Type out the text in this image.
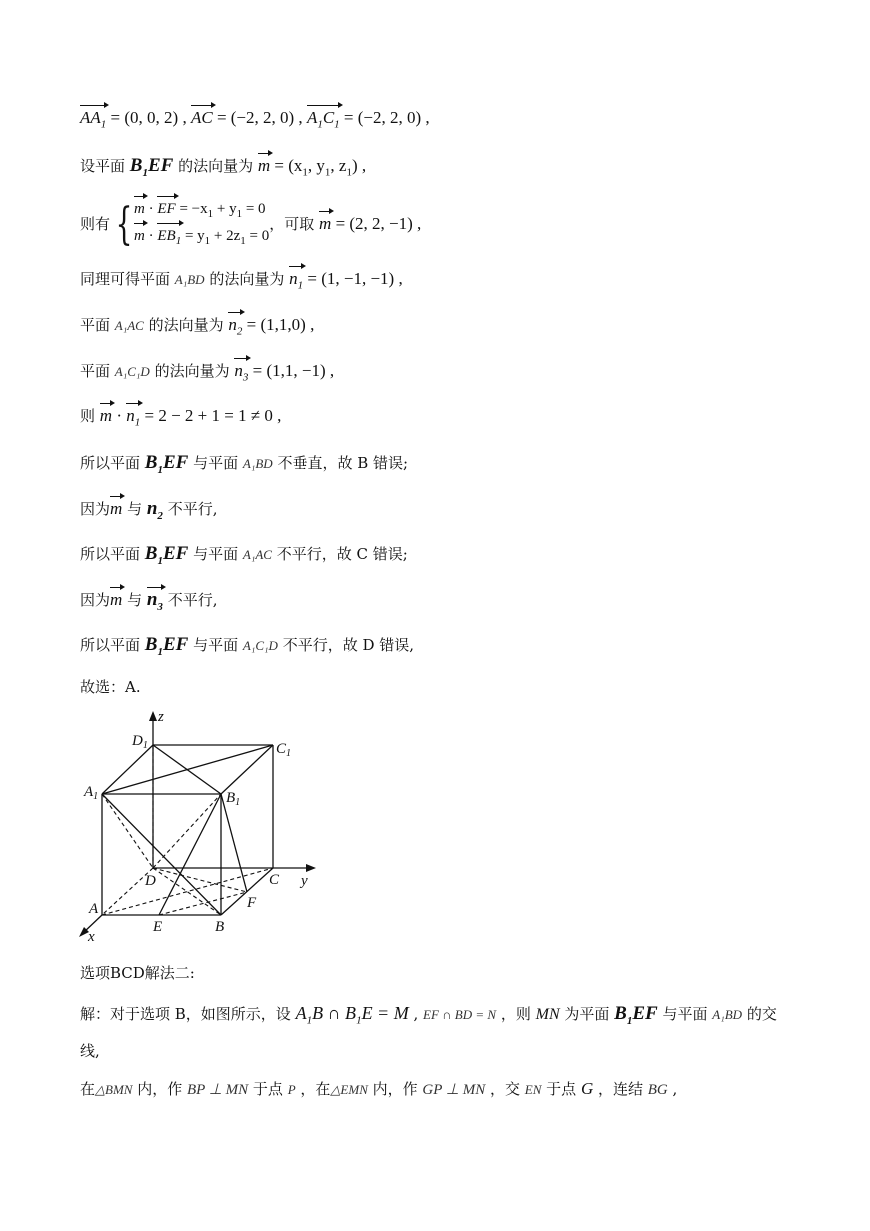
$AA_1 = (0$, 0, 2) , AC = (−2, 2, 0) , $A_1C_1 = (-2$, 2, 0) ,
设平面 $B_1EF$ 的法向量为 $m = (x_1$, $y_1$, $z_1$) ,
则有 { m · EF = $-x_1 + y_1 = 0$
$m \cdot EB_1 = y_1 + 2z_1 = 0$
，可取 m = (2, 2, −1) ,
同理可得平面 A₁BD 的法向量为 $n_1 = (1$, −1, −1) ,
平面 A₁AC 的法向量为 $n_2 = (1,1,0)$ ,
平面 A₁C₁D 的法向量为 $n_3 = (1,1$, −1) ,
则 $m \cdot n_1 = 2 - 2 + 1 = 1 \ne 0$ ,
所以平面 $B_1EF$ 与平面 A₁BD 不垂直，故 B 错误;
因为m 与 $n_2$ 不平行,
所以平面 $B_1EF$ 与平面 A₁AC 不平行，故 C 错误;
因为m 与 $n_3$ 不平行,
所以平面 $B_1EF$ 与平面 A₁C₁D 不平行，故 D 错误,
故选：A.
z
y
x
$D_1$	$C_1$
$A_1$	$B_1$
D	C
A
B
E
F
选项BCD解法二:
解：对于选项 B，如图所示，设 $A_1B$ ∩ $B_1E = M$ , EF ∩ BD = N ，则 MN 为平面 $B_1EF$ 与平面 A₁BD 的交
线,
在△BMN 内，作 BP ⊥ MN 于点 P ，在△EMN 内，作 GP ⊥ MN ，交 EN 于点 G ，连结 BG ,
